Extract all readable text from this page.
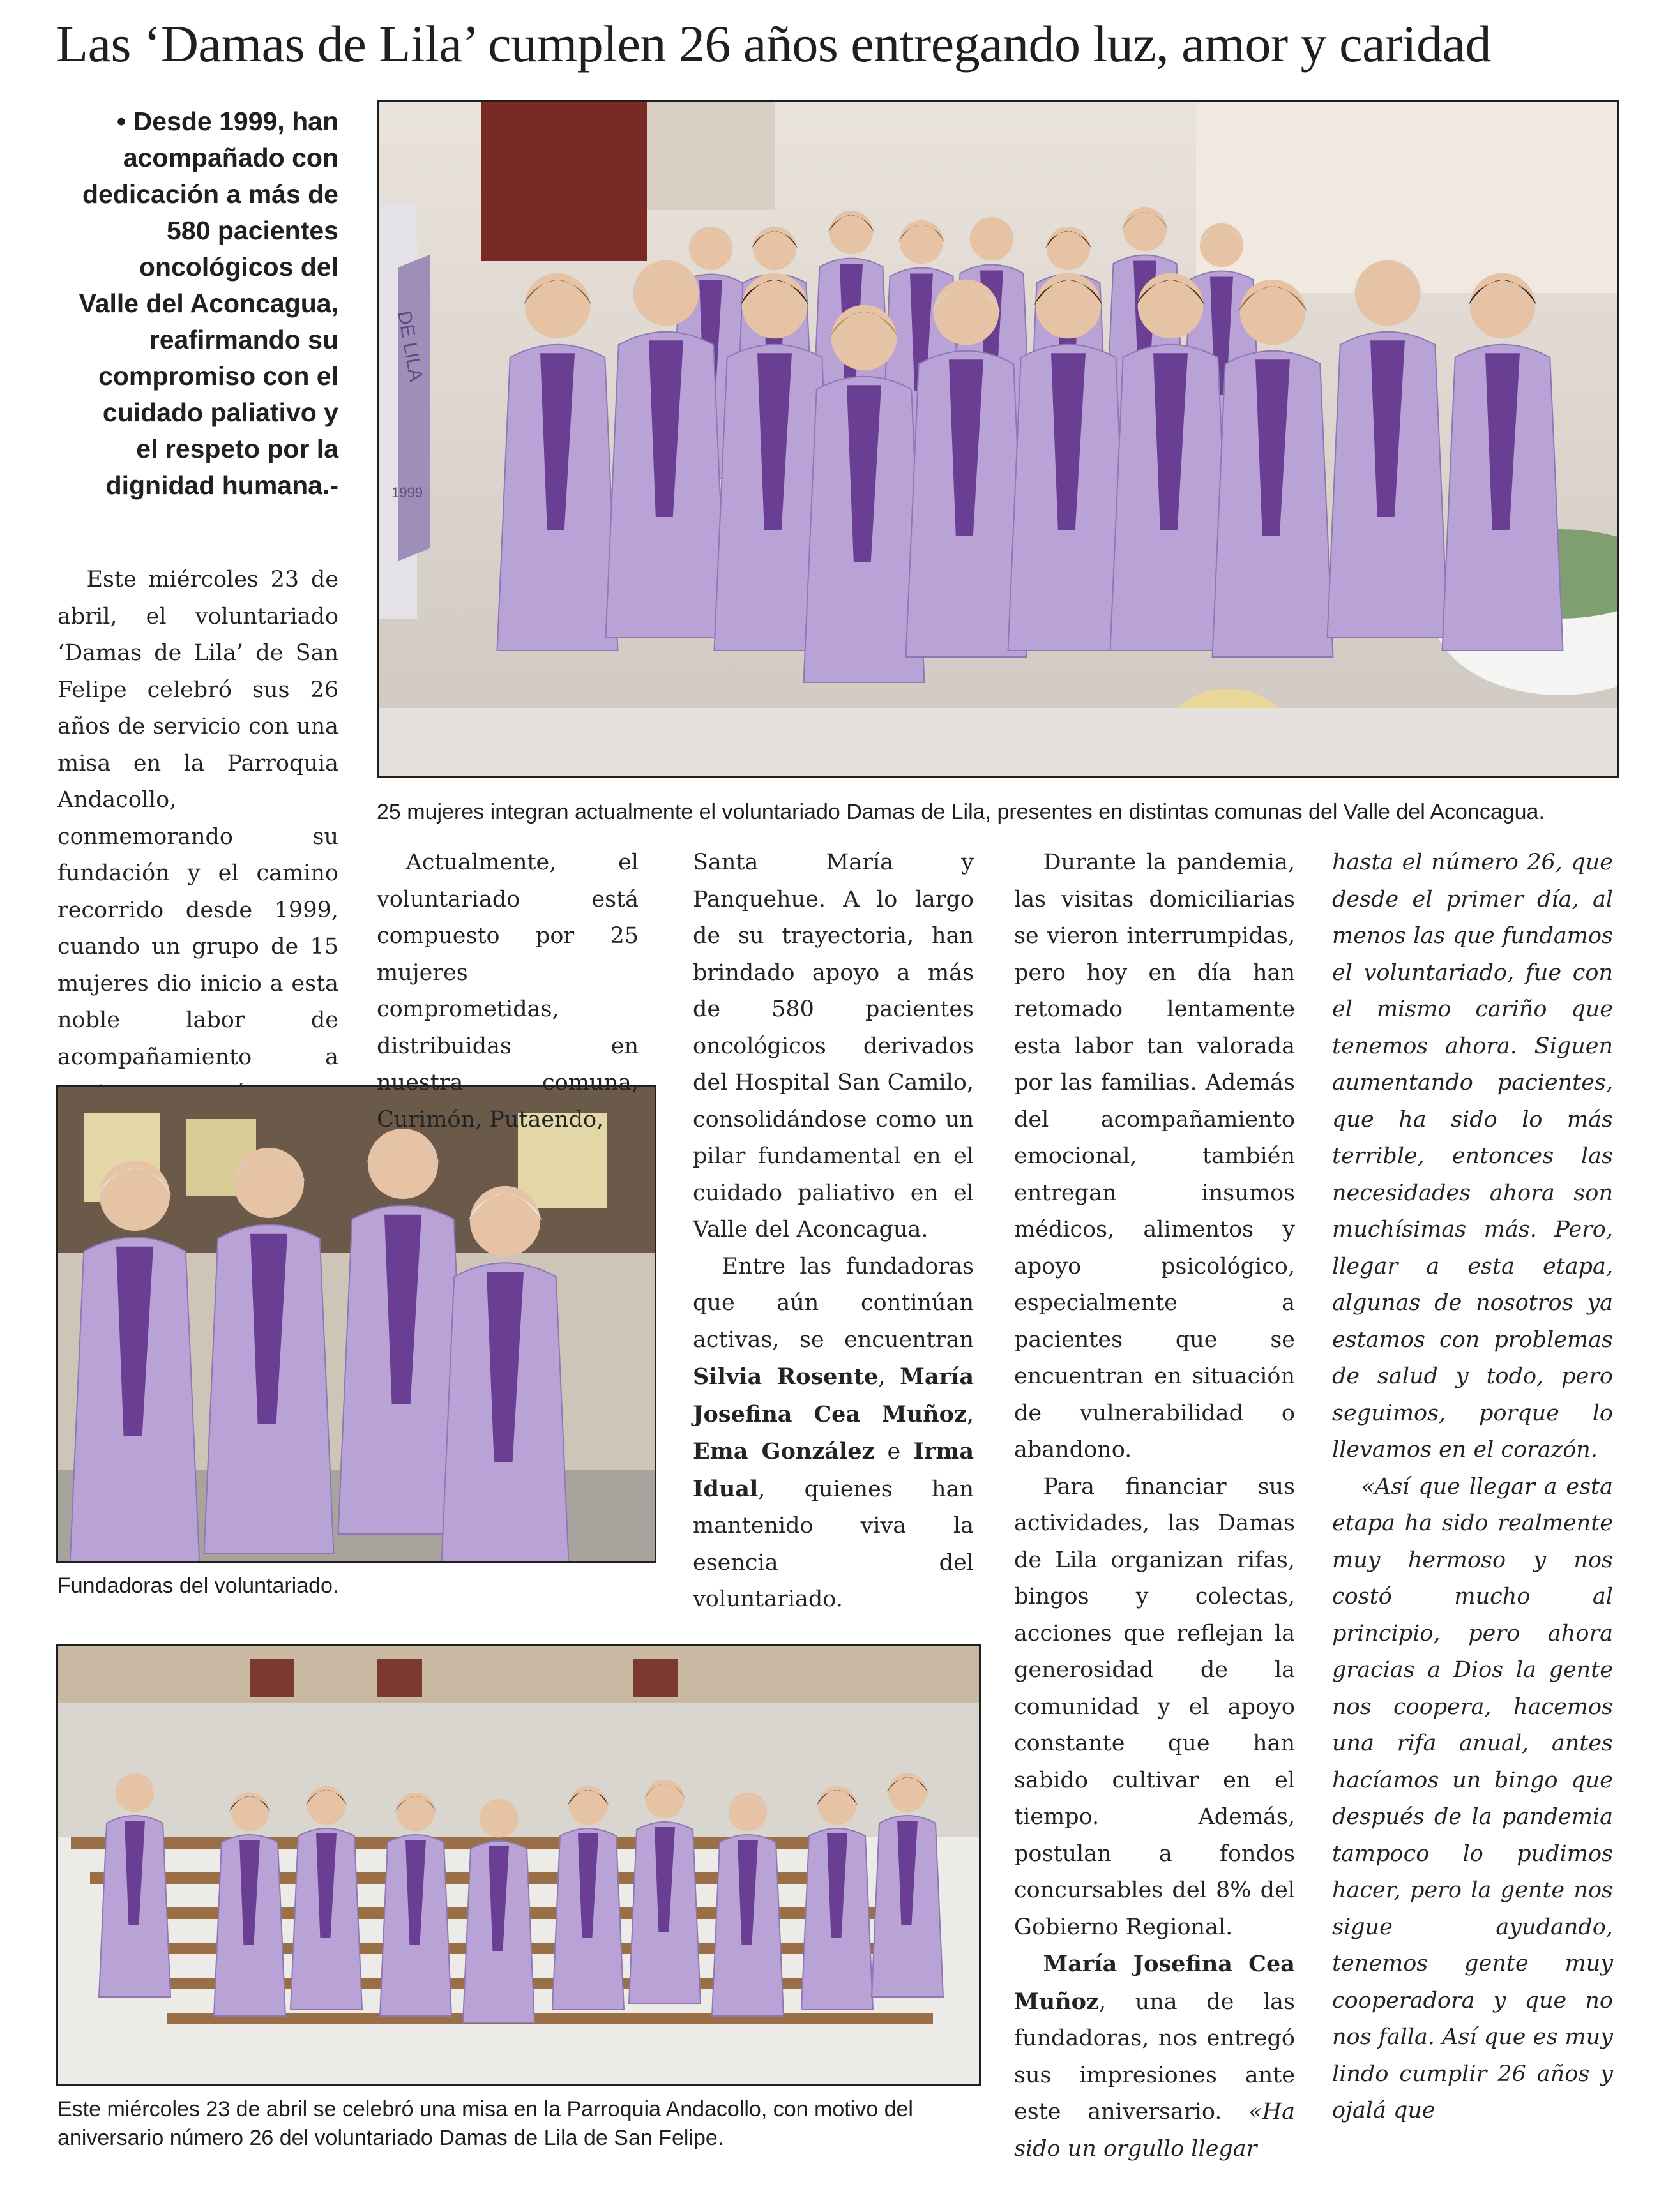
Las ‘Damas de Lila’ cumplen 26 años entregando luz, amor y caridad
• Desde 1999, han acompañado con dedicación a más de 580 pacientes oncológicos del Valle del Aconcagua, reafirmando su compromiso con el cuidado paliativo y el respeto por la dignidad humana.-

Este miércoles 23 de abril, el voluntariado ‘Damas de Lila’ de San Felipe celebró sus 26 años de servicio con una misa en la Parroquia Andacollo, conmemorando su fundación y el camino recorrido desde 1999, cuando un grupo de 15 mujeres dio inicio a esta noble labor de acompañamiento a

DE LILA
1999
25 mujeres integran actualmente el voluntariado Damas de Lila, presentes en distintas comunas del Valle del Aconcagua.
Fundadoras del voluntariado.

Actualmente, el voluntariado está compuesto por 25 mujeres comprometidas, distribuidas en nuestra comuna, Curimón, Putaendo,

Santa María y Panquehue. A lo largo de su trayectoria, han brindado apoyo a más de 580 pacientes oncológicos derivados del Hospital San Camilo, consolidándose como un pilar fundamental en el cuidado paliativo en el Valle del Aconcagua.

Entre las fundadoras que aún continúan activas, se encuentran Silvia Rosente, María Josefina Cea Muñoz, Ema González e Irma Idual, quienes han mantenido viva la esencia del voluntariado.

Durante la pandemia, las visitas domiciliarias se vieron interrumpidas, pero hoy en día han retomado lentamente esta labor tan valorada por las familias. Además del acompañamiento emocional, también entregan insumos médicos, alimentos y apoyo psicológico, especialmente a pacientes que se encuentran en situación de vulnerabilidad o abandono.

Para financiar sus actividades, las Damas de Lila organizan rifas, bingos y colectas, acciones que reflejan la generosidad de la comunidad y el apoyo constante que han sabido cultivar en el tiempo. Además, postulan a fondos concursables del 8% del Gobierno Regional.

María Josefina Cea Muñoz, una de las fundadoras, nos entregó sus impresiones ante este aniversario. «Ha sido un orgullo llegar

hasta el número 26, que desde el primer día, al menos las que fundamos el voluntariado, fue con el mismo cariño que tenemos ahora. Siguen aumentando pacientes, que ha sido lo más terrible, entonces las necesidades ahora son muchísimas más. Pero, llegar a esta etapa, algunas de nosotros ya estamos con problemas de salud y todo, pero seguimos, porque lo llevamos en el corazón.

«Así que llegar a esta etapa ha sido realmente muy hermoso y nos costó mucho al principio, pero ahora gracias a Dios la gente nos coopera, hacemos una rifa anual, antes hacíamos un bingo que después de la pandemia tampoco lo pudimos hacer, pero la gente nos sigue ayudando, tenemos gente muy cooperadora y que no nos falla. Así que es muy lindo cumplir 26 años y ojalá que

Este miércoles 23 de abril se celebró una misa en la Parroquia Andacollo, con motivo del aniversario número 26 del voluntariado Damas de Lila de San Felipe.
